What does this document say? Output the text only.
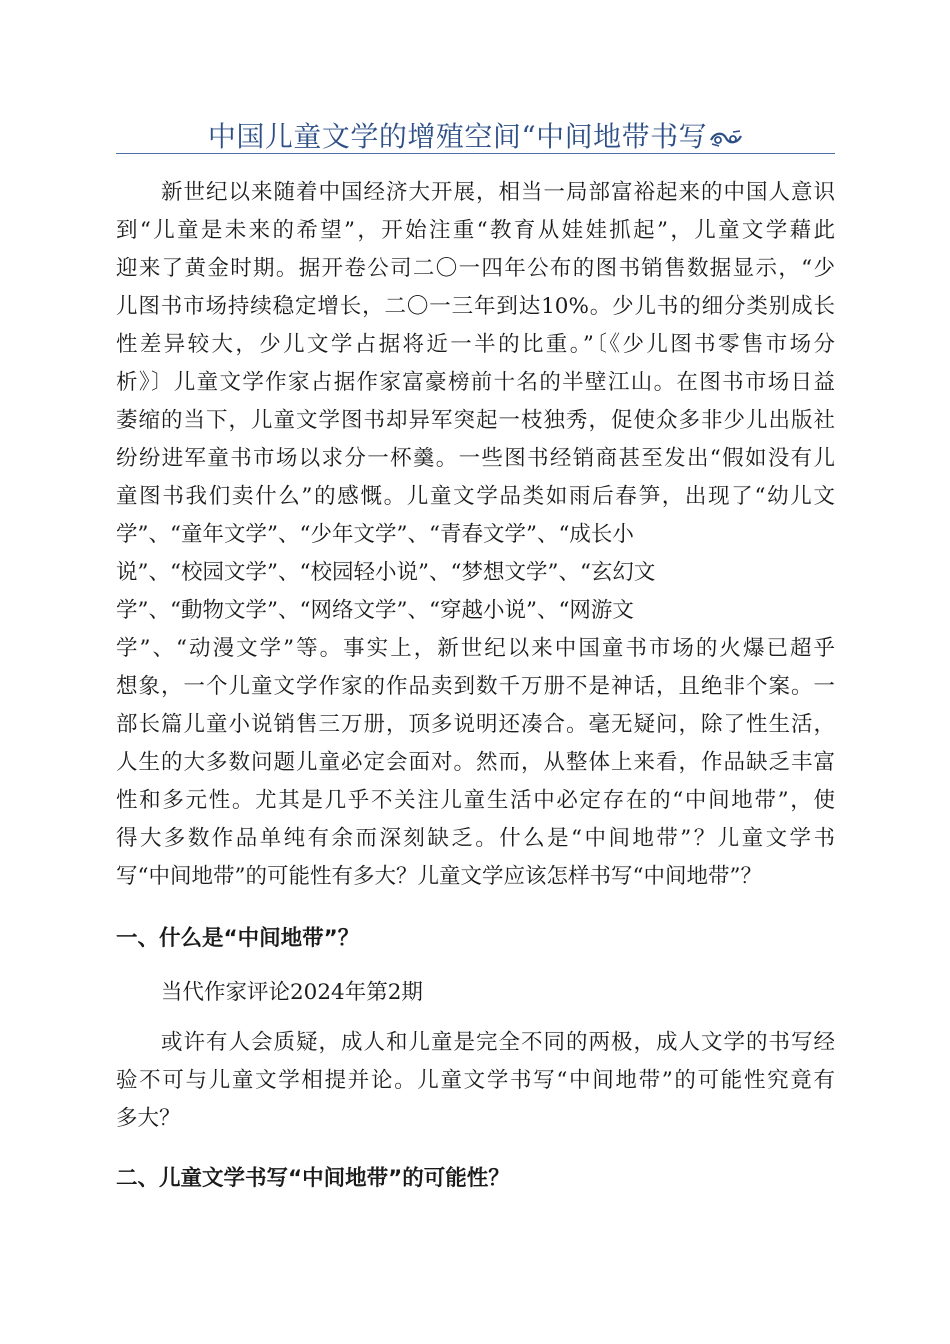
中国儿童文学的增殖空间“中间地带书写
新世纪以来随着中国经济大开展，相当一局部富裕起来的中国人意识
到“儿童是未来的希望”，开始注重“教育从娃娃抓起”，儿童文学藉此
迎来了黄金时期。据开卷公司二〇一四年公布的图书销售数据显示，“少
儿图书市场持续稳定增长，二〇一三年到达10%。少儿书的细分类别成长
性差异较大，少儿文学占据将近一半的比重。”〔《少儿图书零售市场分
析》〕儿童文学作家占据作家富豪榜前十名的半壁江山。在图书市场日益
萎缩的当下，儿童文学图书却异军突起一枝独秀，促使众多非少儿出版社
纷纷进军童书市场以求分一杯羹。一些图书经销商甚至发出“假如没有儿
童图书我们卖什么”的感慨。儿童文学品类如雨后春笋，出现了“幼儿文
学”、“童年文学”、“少年文学”、“青春文学”、“成长小
说”、“校园文学”、“校园轻小说”、“梦想文学”、“玄幻文
学”、“動物文学”、“网络文学”、“穿越小说”、“网游文
学”、“动漫文学”等。事实上，新世纪以来中国童书市场的火爆已超乎
想象，一个儿童文学作家的作品卖到数千万册不是神话，且绝非个案。一
部长篇儿童小说销售三万册，顶多说明还凑合。毫无疑问，除了性生活，
人生的大多数问题儿童必定会面对。然而，从整体上来看，作品缺乏丰富
性和多元性。尤其是几乎不关注儿童生活中必定存在的“中间地带”，使
得大多数作品单纯有余而深刻缺乏。什么是“中间地带”？儿童文学书
写“中间地带”的可能性有多大？儿童文学应该怎样书写“中间地带”？
一、什么是“中间地带”？
当代作家评论2024年第2期
或许有人会质疑，成人和儿童是完全不同的两极，成人文学的书写经
验不可与儿童文学相提并论。儿童文学书写“中间地带”的可能性究竟有
多大？
二、儿童文学书写“中间地带”的可能性？
